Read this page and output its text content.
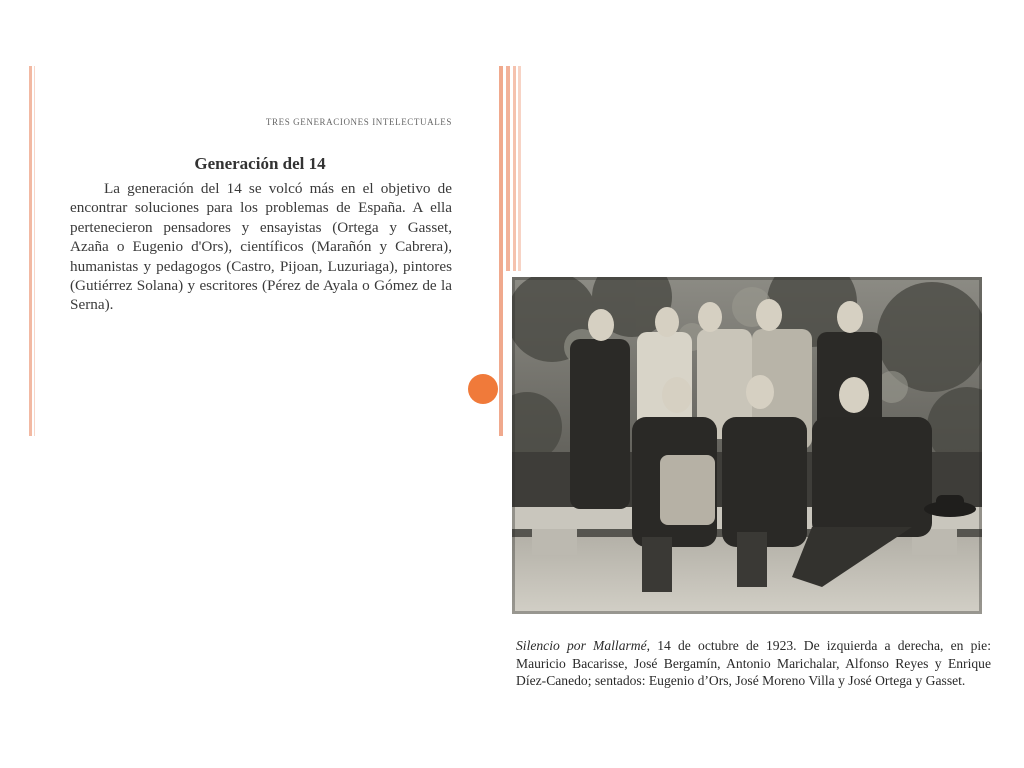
TRES GENERACIONES INTELECTUALES
Generación del 14
La generación del 14 se volcó más en el objetivo de encontrar soluciones para los problemas de España. A ella pertenecieron pensadores y ensayistas (Ortega y Gasset, Azaña o Eugenio d'Ors), científicos (Marañón y Cabrera), humanistas y pedagogos (Castro, Pijoan, Luzuriaga), pintores (Gutiérrez Solana) y escritores (Pérez de Ayala o Gómez de la Serna).
Silencio por Mallarmé, 14 de octubre de 1923. De izquierda a derecha, en pie: Mauricio Bacarisse, José Bergamín, Antonio Marichalar, Alfonso Reyes y Enrique Díez-Canedo; sentados: Eugenio d’Ors, José Moreno Villa y José Ortega y Gasset.
